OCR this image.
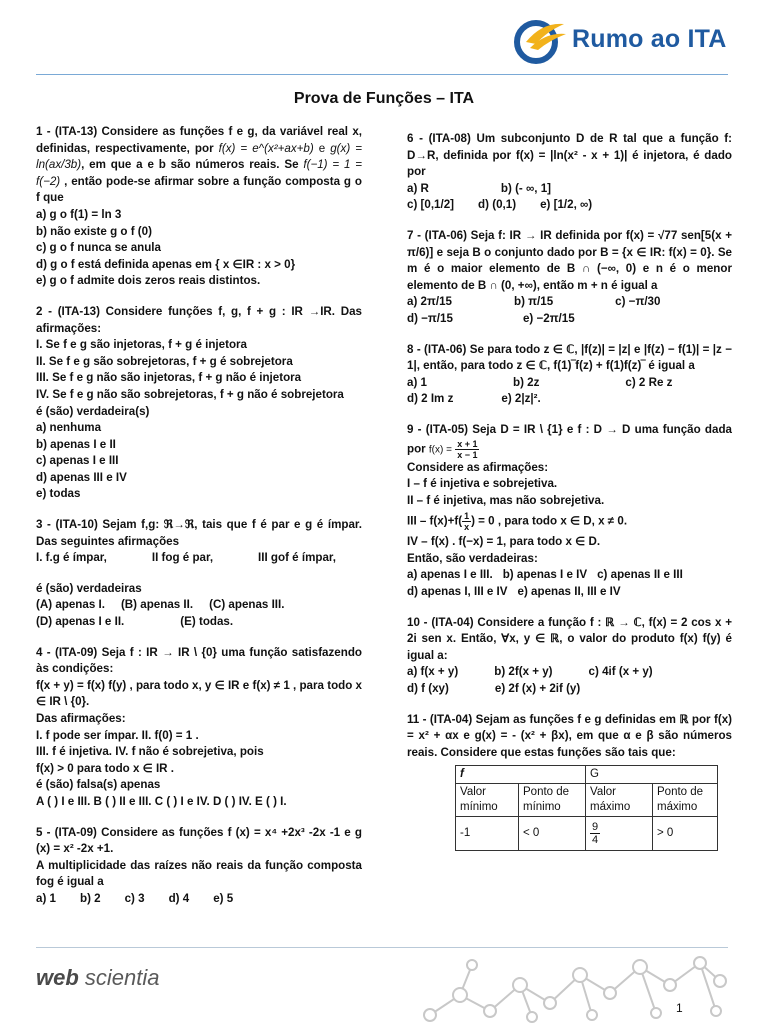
Rumo ao ITA
Prova de Funções – ITA

1 - (ITA-13) Considere as funções f e g, da variável real x, definidas, respectivamente, por f(x) = e^(x²+ax+b) e g(x) = ln(ax/3b), em que a e b são números reais. Se f(−1) = 1 = f(−2) , então pode-se afirmar sobre a função composta g o f que

a) g o f(1) = ln 3

b) não existe g o f (0)

c) g o f nunca se anula

d) g o f está definida apenas em { x ∈IR : x > 0}

e) g o f admite dois zeros reais distintos.

2 - (ITA-13) Considere funções f, g, f + g : IR →IR. Das afirmações:

I. Se f e g são injetoras, f + g é injetora

II. Se f e g são sobrejetoras, f + g é sobrejetora

III. Se f e g não são injetoras, f + g não é injetora

IV. Se f e g não são sobrejetoras, f + g não é sobrejetora

é (são) verdadeira(s)

a) nenhuma

b) apenas I e II

c) apenas I e III

d) apenas III e IV

e) todas

3 - (ITA-10) Sejam f,g: ℜ→ℜ, tais que f é par e g é ímpar. Das seguintes afirmações

I. f.g é ímpar,	II fog é par,	III gof é ímpar,

é (são) verdadeiras

(A) apenas I. (B) apenas II. (C) apenas III.

(D) apenas I e II.	(E) todas.

4 - (ITA-09) Seja f : IR → IR \ {0} uma função satisfazendo às condições:

f(x + y) = f(x) f(y) , para todo x, y ∈ IR e f(x) ≠ 1 , para todo x ∈ IR \ {0}.

Das afirmações:

I. f pode ser ímpar. II. f(0) = 1 .

III. f é injetiva. IV. f não é sobrejetiva, pois

f(x) > 0 para todo x ∈ IR .

é (são) falsa(s) apenas

A ( ) I e III. B ( ) II e III. C ( ) I e IV. D ( ) IV. E ( ) I.

5 - (ITA-09) Considere as funções f (x) = x⁴ +2x³ -2x -1 e g (x) = x² -2x +1.

A multiplicidade das raízes não reais da função composta fog é igual a

a) 1 b) 2 c) 3 d) 4 e) 5

6 - (ITA-08) Um subconjunto D de R tal que a função f: D→R, definida por f(x) = |ln(x² - x + 1)| é injetora, é dado por

a) R	b) (- ∞, 1]

c) [0,1/2] d) (0,1) e) [1/2, ∞)

7 - (ITA-06) Seja f: IR → IR definida por f(x) = √77 sen[5(x + π/6)] e seja B o conjunto dado por B = {x ∈ IR: f(x) = 0}. Se m é o maior elemento de B ∩ (−∞, 0) e n é o menor elemento de B ∩ (0, +∞), então m + n é igual a

a) 2π/15	b) π/15	c) −π/30

d) −π/15	e) −2π/15

8 - (ITA-06) Se para todo z ∈ ℂ, |f(z)| = |z| e |f(z) − f(1)| = |z − 1|, então, para todo z ∈ ℂ, f(1)‾f(z) + f(1)f(z)‾ é igual a

a) 1	b) 2z	c) 2 Re z

d) 2 Im z	e) 2|z|².

9 - (ITA-05) Seja D = IR \ {1} e f : D → D uma função dada por $f(x) = \frac{x + 1}{x - 1}$

Considere as afirmações:

I – f é injetiva e sobrejetiva.

II – f é injetiva, mas não sobrejetiva.

III – $f(x)+f( \frac{1}{x}$ ) = 0 , para todo x ∈ D, x ≠ 0.

IV – f(x) . f(−x) = 1, para todo x ∈ D.

Então, são verdadeiras:

a) apenas I e III. b) apenas I e IV c) apenas II e III

d) apenas I, III e IV e) apenas II, III e IV

10 - (ITA-04) Considere a função f : ℝ → ℂ, f(x) = 2 cos x + 2i sen x. Então, ∀x, y ∈ ℝ, o valor do produto f(x) f(y) é igual a:

a) f(x + y)	b) 2f(x + y)	c) 4if (x + y)

d) f (xy)	e) 2f (x) + 2if (y)

11 - (ITA-04) Sejam as funções f e g definidas em ℝ por f(x) = x² + αx e g(x) = - (x² + βx), em que α e β são números reais. Considere que estas funções são tais que:

f		G	
Valor mínimo	Ponto de mínimo	Valor máximo	Ponto de máximo
-1	< 0	$\frac{9}{4}$	> 0
web scientia
1
